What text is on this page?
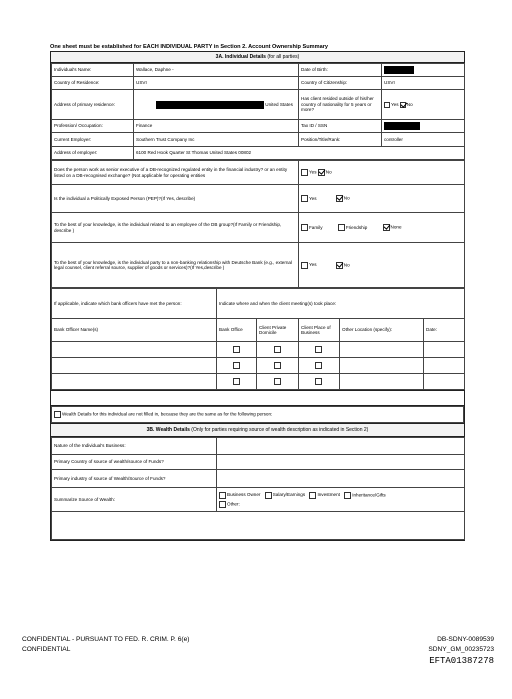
One sheet must be established for EACH INDIVIDUAL PARTY in Section 2. Account Ownership Summary
3A. Individual Details (for all parties)
Individual's Name:	Wallace, Daphne -	Date of Birth:	
Country of Residence:	USVI	Country of Citizenship:	USVI
Address of primary residence:	United States	Has client resided outside of his/her country of nationality for 5 years or more?	Yes No
Profession/ Occupation:	Finance	Tax ID / SSN	
Current Employer:	Southern Trust Company Inc	Position/Title/Rank:	controller
Address of employer:	6100 Red Hook Quarter St Thomas United States 00802		
Does the person work as senior executive of a DB-recognized regulated entity in the financial industry? or an entity listed on a DB-recognised exchange? (Not applicable for operating entities	Yes No
Is the individual a Politically Exposed Person (PEP)?(If Yes, describe)	Yes No
To the best of your knowledge, is the individual related to an employee of the DB group?(If Family or Friendship, describe )	Family Friendship None
To the best of your knowledge, is the individual party to a non-banking relationship with Deutsche Bank (e.g., external legal counsel, client referral source, supplier of goods or services)?(If Yes,describe )	Yes No
If applicable, indicate which bank officers have met the person:	Indicate where and when the client meeting(s) took place:				
Bank Officer Name(s)	Bank Office	Client Private Domicile	Client Place of Business	Other Location (specify):	Date:

Wealth Details for this individual are not filled in, because they are the same as for the following person:
3B. Wealth Details (Only for parties requiring source of wealth description as indicated in Section 2)
Nature of the Individual's Business:	
Primary Country of source of wealth/source of Funds?	
Primary industry of source of Wealth/Source of Funds?	
Summarize Source of Wealth:	Business Owner Salary/Earnings Investment Inheritance/Gifts
Other:

CONFIDENTIAL - PURSUANT TO FED. R. CRIM. P. 6(e)
CONFIDENTIAL
DB-SDNY-0089539
SDNY_GM_00235723
EFTA01387278
